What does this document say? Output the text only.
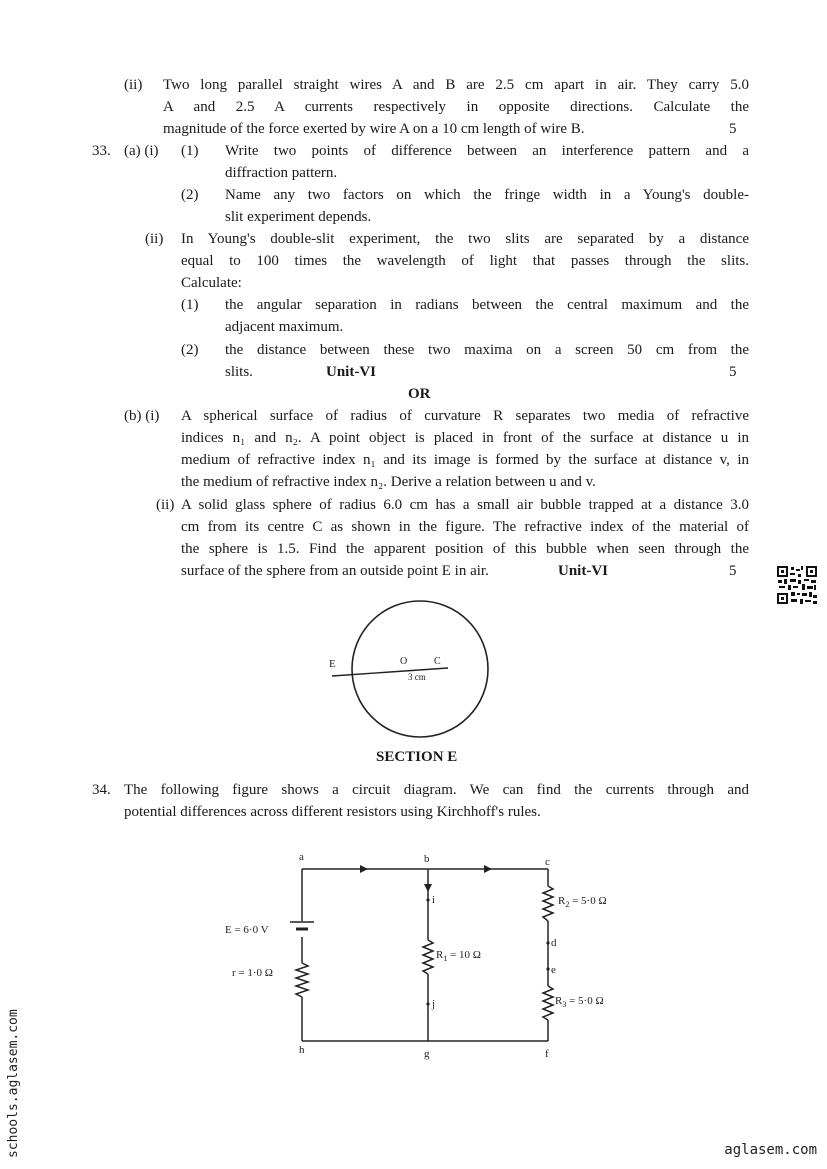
(ii) Two long parallel straight wires A and B are 2.5 cm apart in air. They carry 5.0
A and 2.5 A currents respectively in opposite directions. Calculate the
magnitude of the force exerted by wire A on a 10 cm length of wire B.	5
33. (a) (i) (1) Write two points of difference between an interference pattern and a
diffraction pattern.
(2) Name any two factors on which the fringe width in a Young's double-
slit experiment depends.
(ii) In Young's double-slit experiment, the two slits are separated by a distance
equal to 100 times the wavelength of light that passes through the slits.
Calculate:
(1) the angular separation in radians between the central maximum and the
adjacent maximum.
(2) the distance between these two maxima on a screen 50 cm from the
slits.	Unit-VI	5
OR
(b) (i) A spherical surface of radius of curvature R separates two media of refractive
indices n₁ and n₂. A point object is placed in front of the surface at distance u in
medium of refractive index n₁ and its image is formed by the surface at distance v, in
the medium of refractive index n₂. Derive a relation between u and v.
(ii) A solid glass sphere of radius 6.0 cm has a small air bubble trapped at a distance 3.0
cm from its centre C as shown in the figure. The refractive index of the material of
the sphere is 1.5. Find the apparent position of this bubble when seen through the
surface of the sphere from an outside point E in air.	Unit-VI	5
E	O	C
3 cm
SECTION E
34. The following figure shows a circuit diagram. We can find the currents through and
potential differences across different resistors using Kirchhoff's rules.
a	b	c
i
d
e
j
h	g	f
E = 6·0 V
r = 1·0 Ω
$R_1 = 10$ Ω
$R_2 = 5\cdot 0$ Ω
$R_3 = 5\cdot 0$ Ω
schools.aglasem.com	aglasem.com
